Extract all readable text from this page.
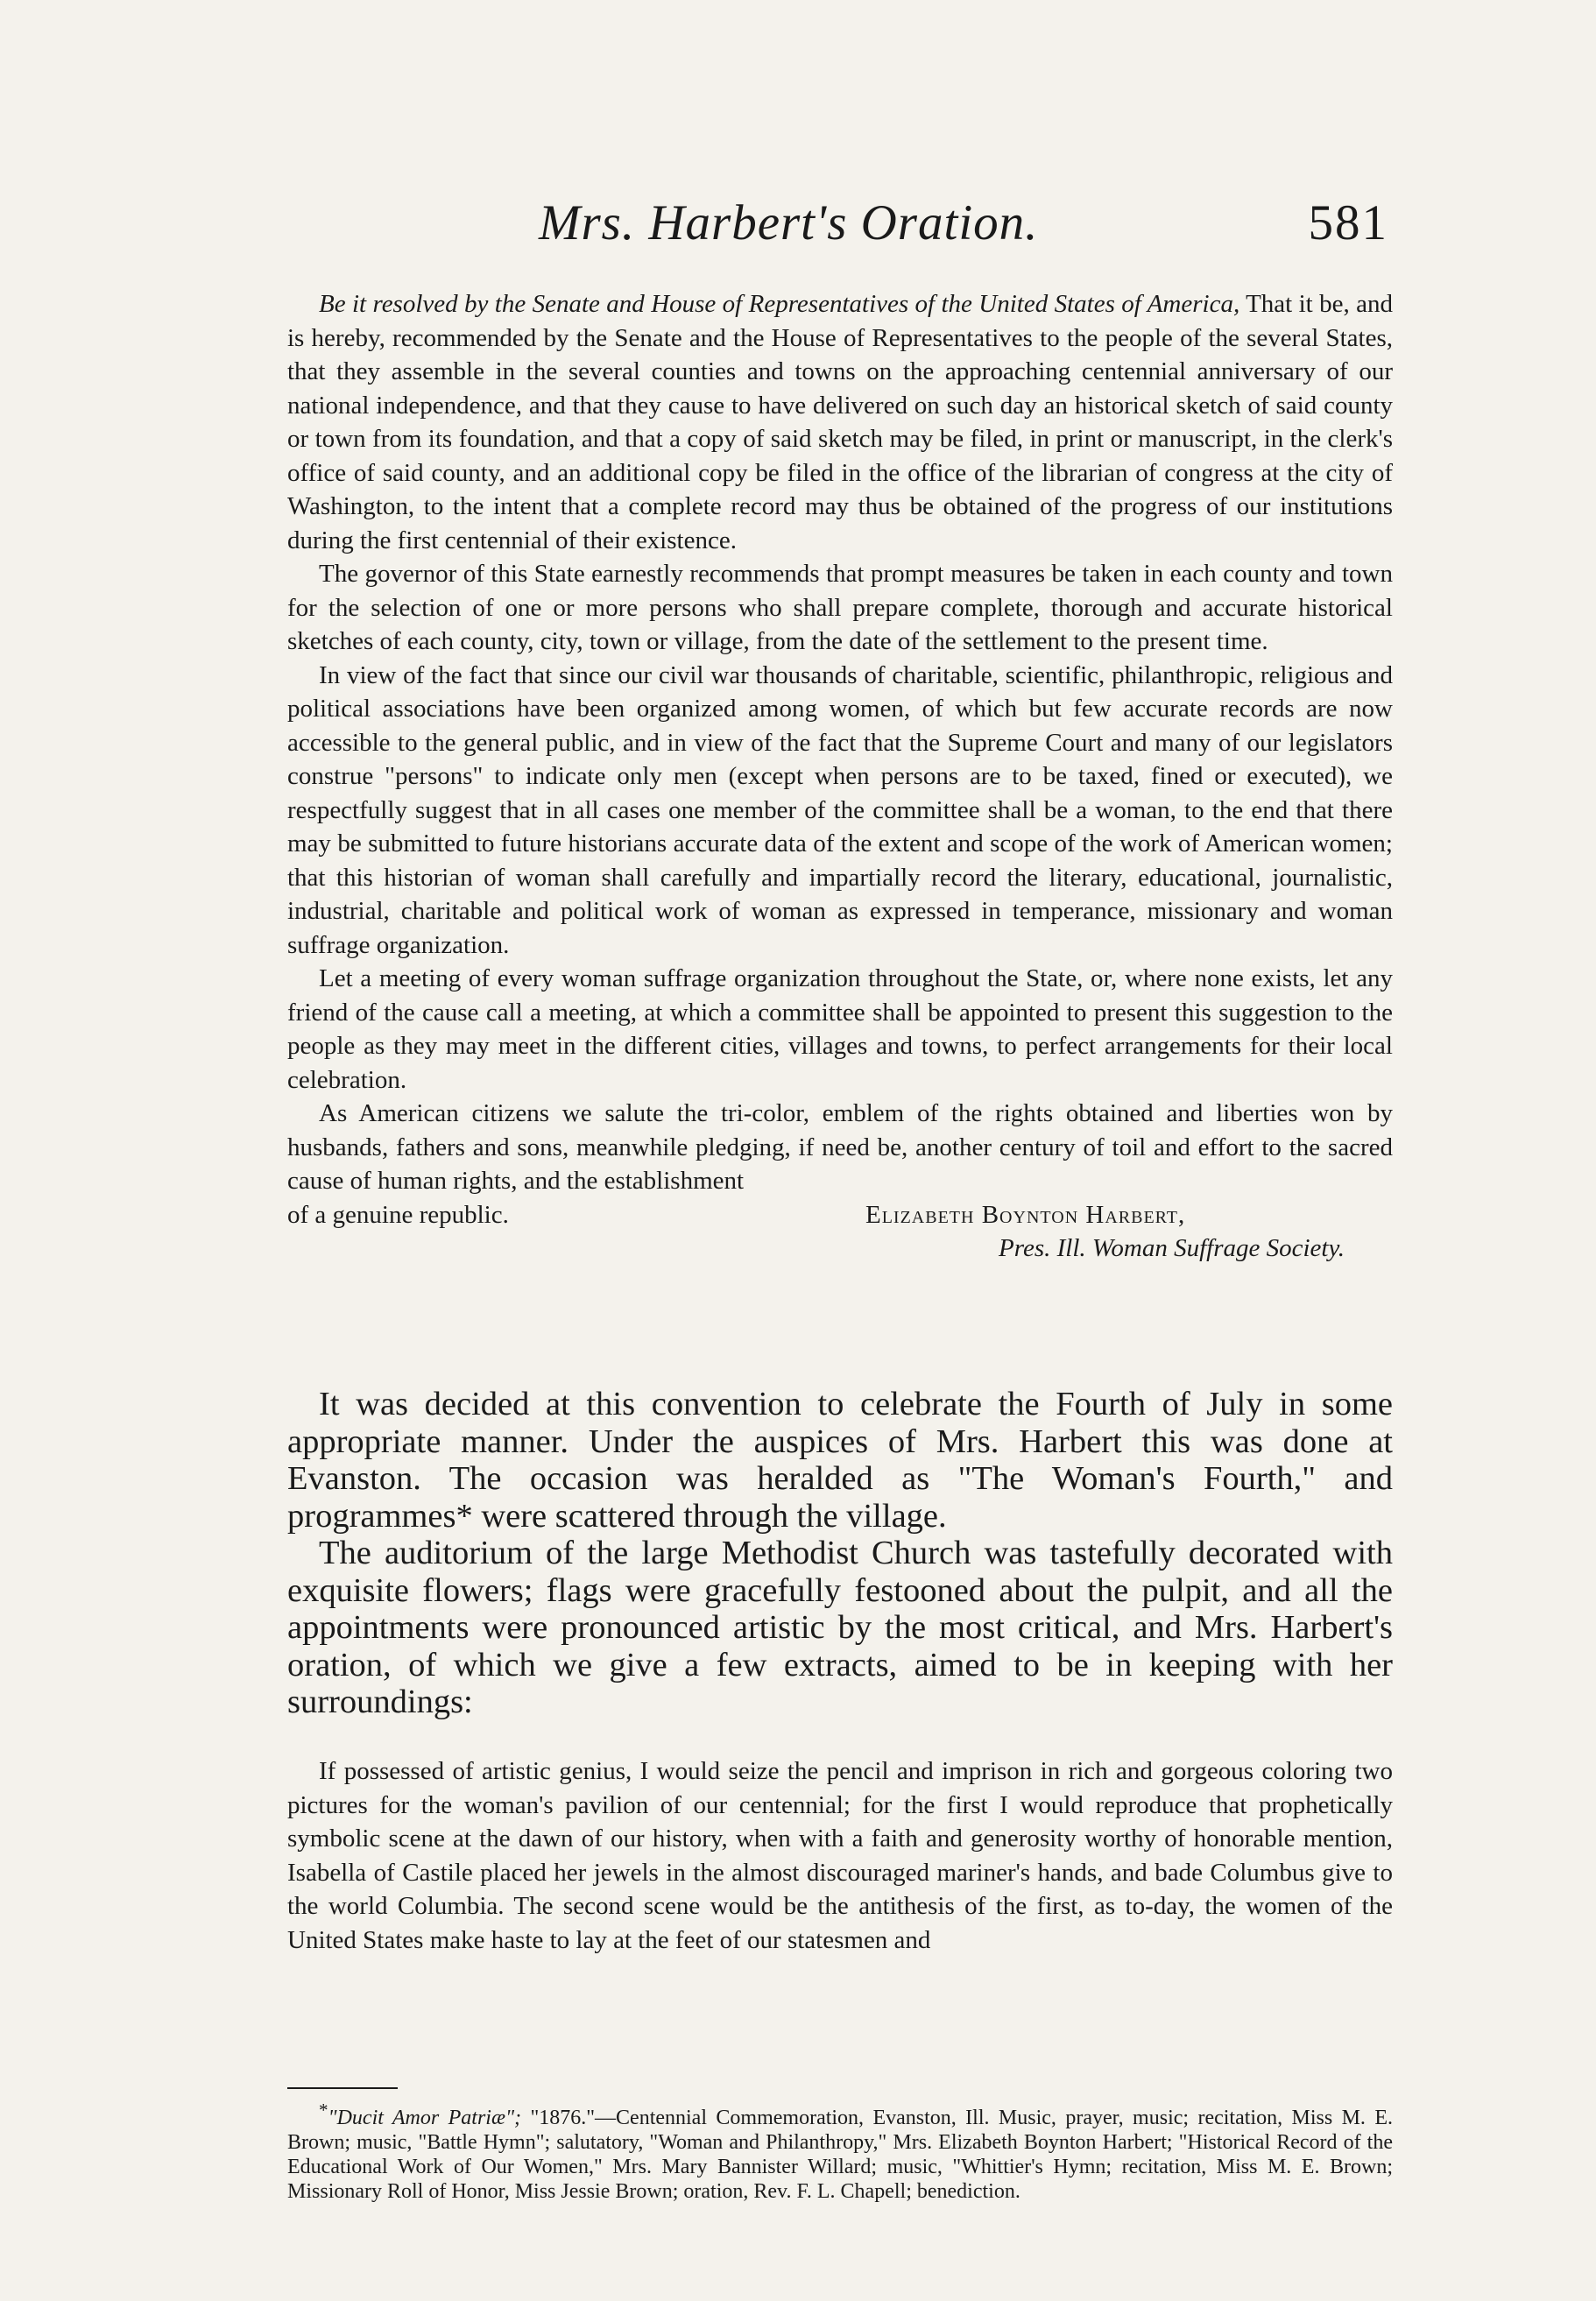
Mrs. Harbert's Oration.	581

Be it resolved by the Senate and House of Representatives of the United States of America, That it be, and is hereby, recommended by the Senate and the House of Representatives to the people of the several States, that they assemble in the several counties and towns on the approaching centennial anniversary of our national independence, and that they cause to have delivered on such day an historical sketch of said county or town from its foundation, and that a copy of said sketch may be filed, in print or manuscript, in the clerk's office of said county, and an additional copy be filed in the office of the librarian of congress at the city of Washington, to the intent that a complete record may thus be obtained of the progress of our institutions during the first centennial of their existence.

The governor of this State earnestly recommends that prompt measures be taken in each county and town for the selection of one or more persons who shall prepare complete, thorough and accurate historical sketches of each county, city, town or village, from the date of the settlement to the present time.

In view of the fact that since our civil war thousands of charitable, scientific, philanthropic, religious and political associations have been organized among women, of which but few accurate records are now accessible to the general public, and in view of the fact that the Supreme Court and many of our legislators construe "persons" to indicate only men (except when persons are to be taxed, fined or executed), we respectfully suggest that in all cases one member of the committee shall be a woman, to the end that there may be submitted to future historians accurate data of the extent and scope of the work of American women; that this historian of woman shall carefully and impartially record the literary, educational, journalistic, industrial, charitable and political work of woman as expressed in temperance, missionary and woman suffrage organization.

Let a meeting of every woman suffrage organization throughout the State, or, where none exists, let any friend of the cause call a meeting, at which a committee shall be appointed to present this suggestion to the people as they may meet in the different cities, villages and towns, to perfect arrangements for their local celebration.

As American citizens we salute the tri-color, emblem of the rights obtained and liberties won by husbands, fathers and sons, meanwhile pledging, if need be, another century of toil and effort to the sacred cause of human rights, and the establishment

of a genuine republic.	Elizabeth Boynton Harbert,

Pres. Ill. Woman Suffrage Society.

It was decided at this convention to celebrate the Fourth of July in some appropriate manner. Under the auspices of Mrs. Harbert this was done at Evanston. The occasion was heralded as "The Woman's Fourth," and programmes* were scattered through the village.

The auditorium of the large Methodist Church was tastefully decorated with exquisite flowers; flags were gracefully festooned about the pulpit, and all the appointments were pronounced artistic by the most critical, and Mrs. Harbert's oration, of which we give a few extracts, aimed to be in keeping with her surroundings:

If possessed of artistic genius, I would seize the pencil and imprison in rich and gorgeous coloring two pictures for the woman's pavilion of our centennial; for the first I would reproduce that prophetically symbolic scene at the dawn of our history, when with a faith and generosity worthy of honorable mention, Isabella of Castile placed her jewels in the almost discouraged mariner's hands, and bade Columbus give to the world Columbia. The second scene would be the antithesis of the first, as to-day, the women of the United States make haste to lay at the feet of our statesmen and

*"Ducit Amor Patriæ"; "1876."—Centennial Commemoration, Evanston, Ill. Music, prayer, music; recitation, Miss M. E. Brown; music, "Battle Hymn"; salutatory, "Woman and Philanthropy," Mrs. Elizabeth Boynton Harbert; "Historical Record of the Educational Work of Our Women," Mrs. Mary Bannister Willard; music, "Whittier's Hymn; recitation, Miss M. E. Brown; Missionary Roll of Honor, Miss Jessie Brown; oration, Rev. F. L. Chapell; benediction.
